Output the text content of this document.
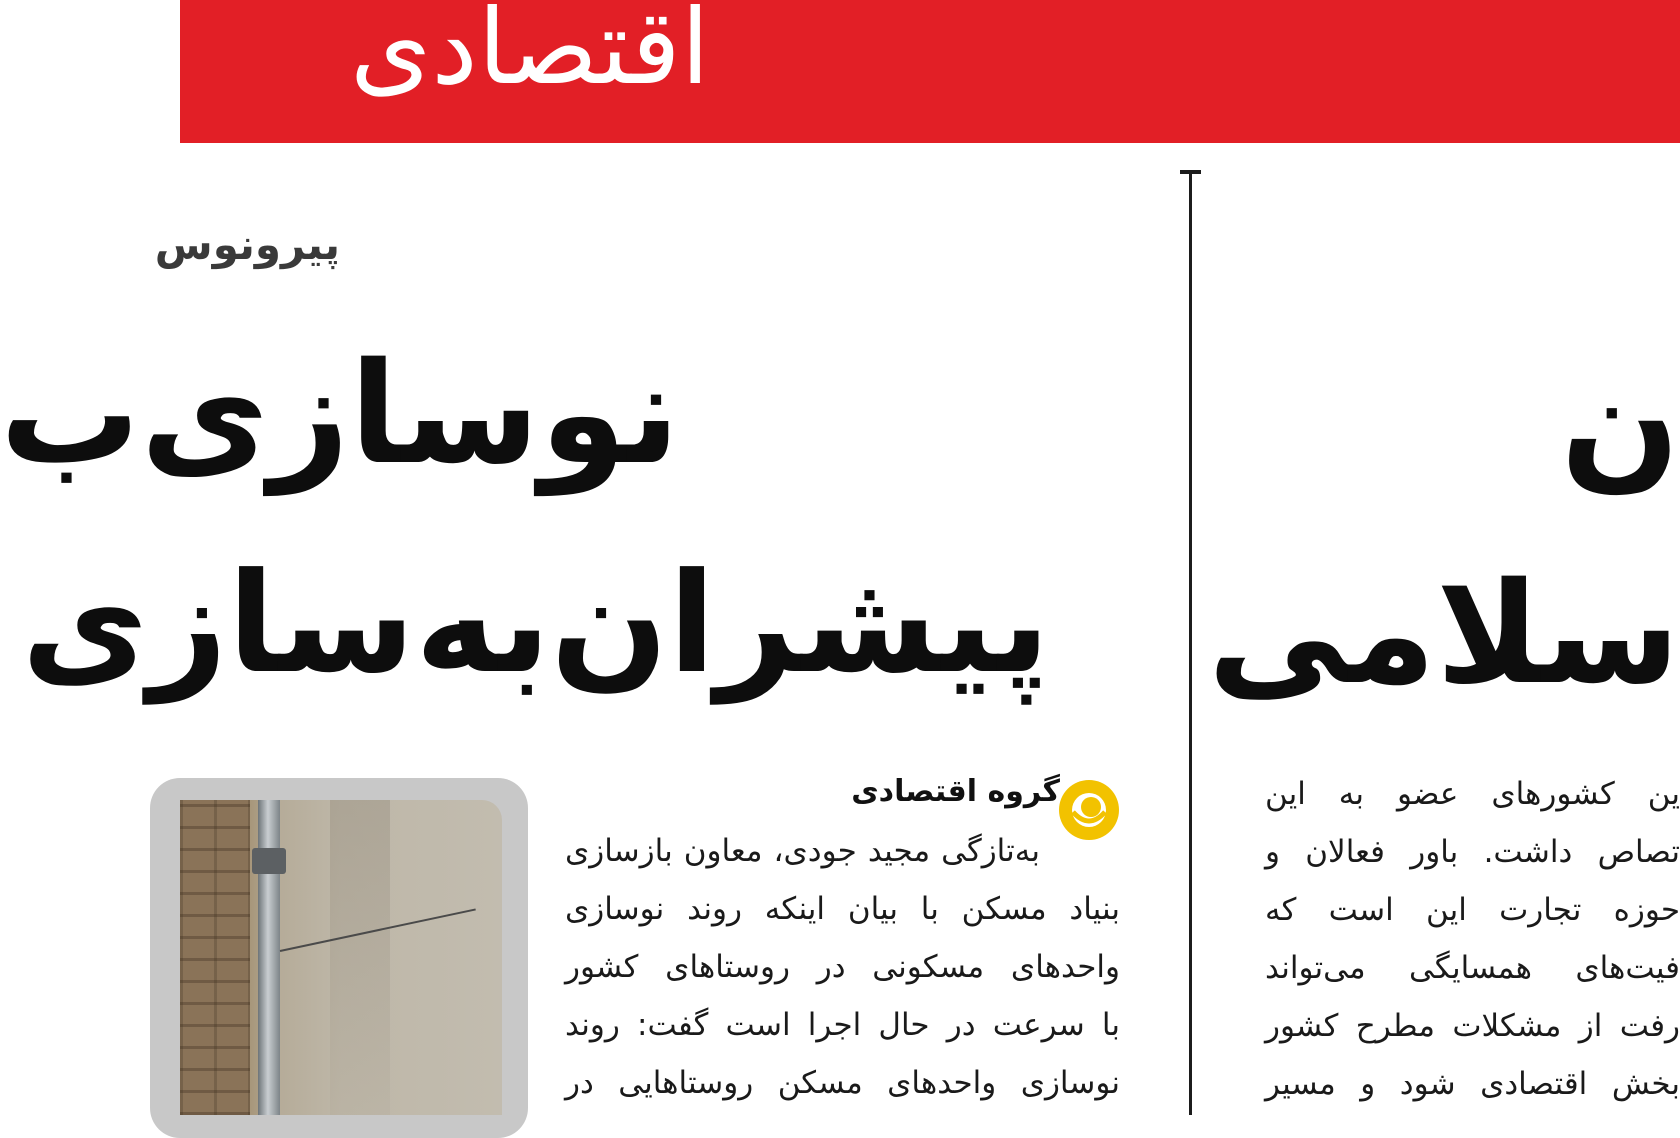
اقتصادی
پیرونوس
نوسازی‌ب
پیشران‌به‌سازی
ن
سلامی
گروه اقتصادی
به‌تازگی مجید جودی، معاون بازسازی
بنیاد مسکن با بیان اینکه روند نوسازی
واحدهای مسکونی در روستاهای کشور
با سرعت در حال اجرا است گفت: روند
نوسازی واحدهای مسکن روستاهایی در
ین کشورهای عضو به این
تصاص داشت. باور فعالان و
حوزه تجارت این است که
فیت‌های همسایگی می‌تواند
رفت از مشکلات مطرح کشور
بخش اقتصادی شود و مسیر
